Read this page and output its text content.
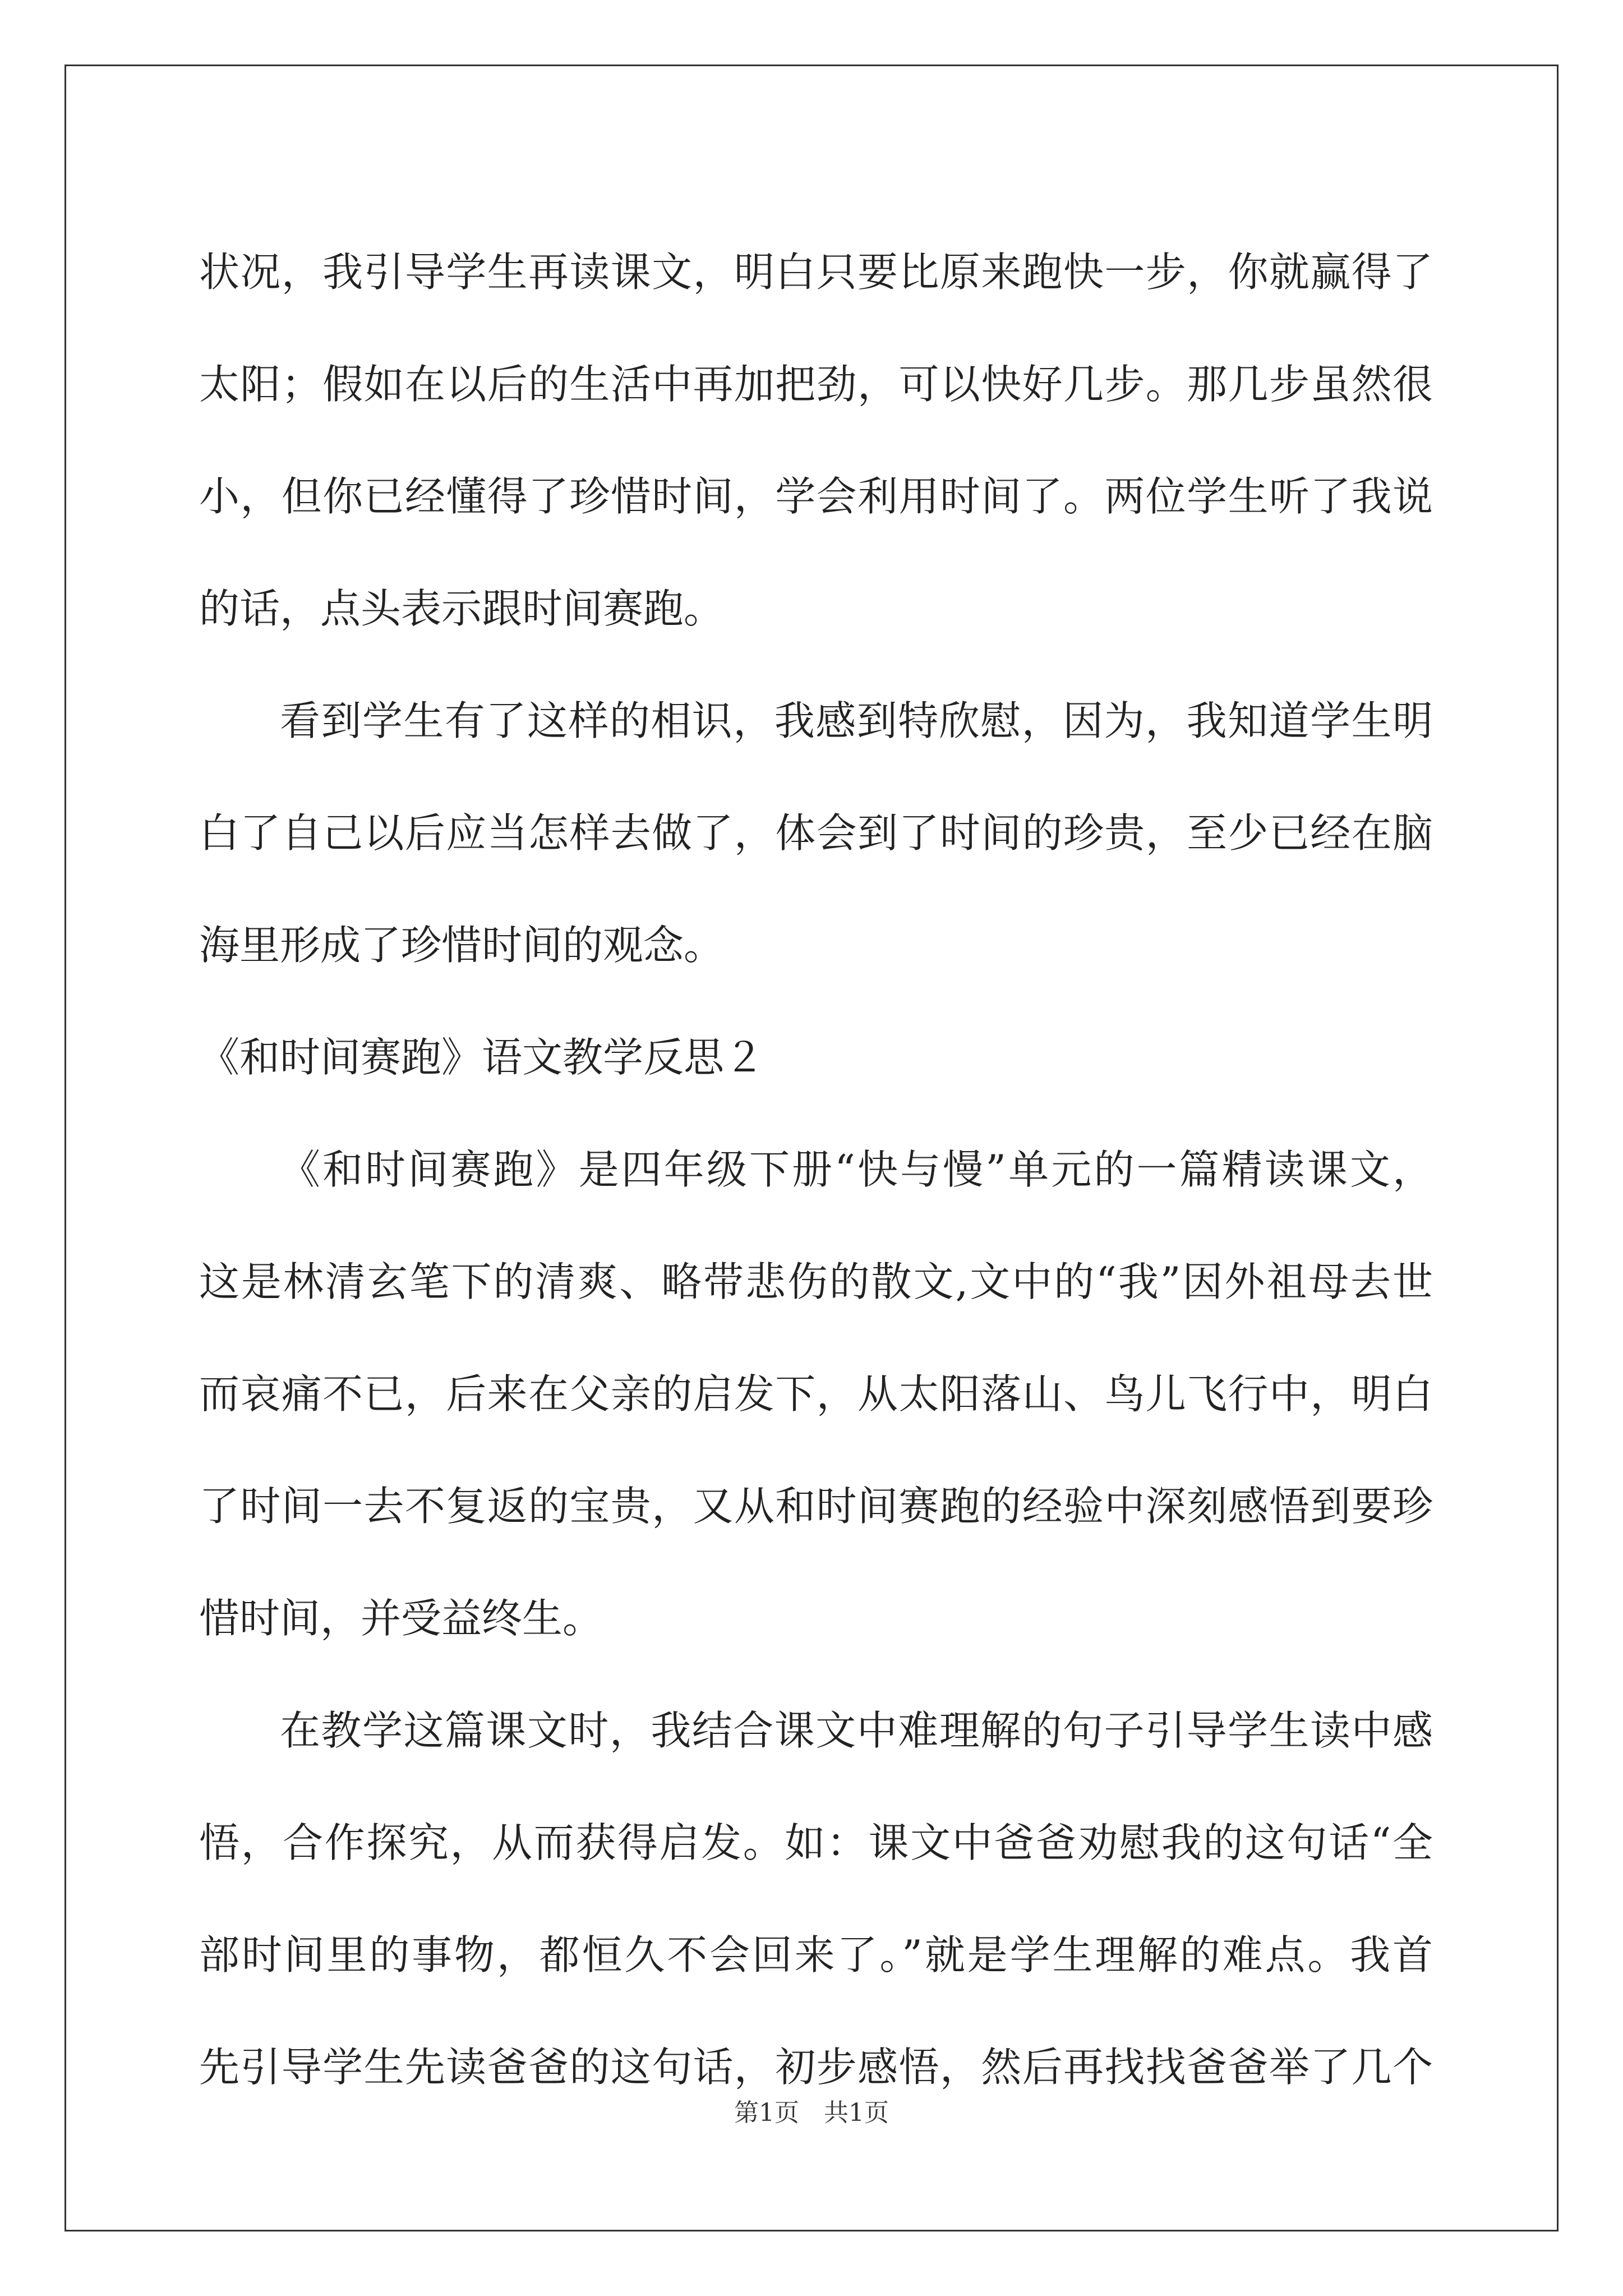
状况，我引导学生再读课文，明白只要比原来跑快一步，你就赢得了
太阳；假如在以后的生活中再加把劲，可以快好几步。那几步虽然很
小，但你已经懂得了珍惜时间，学会利用时间了。两位学生听了我说
的话，点头表示跟时间赛跑。
看到学生有了这样的相识，我感到特欣慰，因为，我知道学生明
白了自己以后应当怎样去做了，体会到了时间的珍贵，至少已经在脑
海里形成了珍惜时间的观念。
《和时间赛跑》语文教学反思２
《和时间赛跑》是四年级下册“快与慢”单元的一篇精读课文，
这是林清玄笔下的清爽、略带悲伤的散文,文中的“我”因外祖母去世
而哀痛不已，后来在父亲的启发下，从太阳落山、鸟儿飞行中，明白
了时间一去不复返的宝贵，又从和时间赛跑的经验中深刻感悟到要珍
惜时间，并受益终生。
在教学这篇课文时，我结合课文中难理解的句子引导学生读中感
悟，合作探究，从而获得启发。如：课文中爸爸劝慰我的这句话“全
部时间里的事物，都恒久不会回来了。”就是学生理解的难点。我首
先引导学生先读爸爸的这句话，初步感悟，然后再找找爸爸举了几个
第1页 共1页
